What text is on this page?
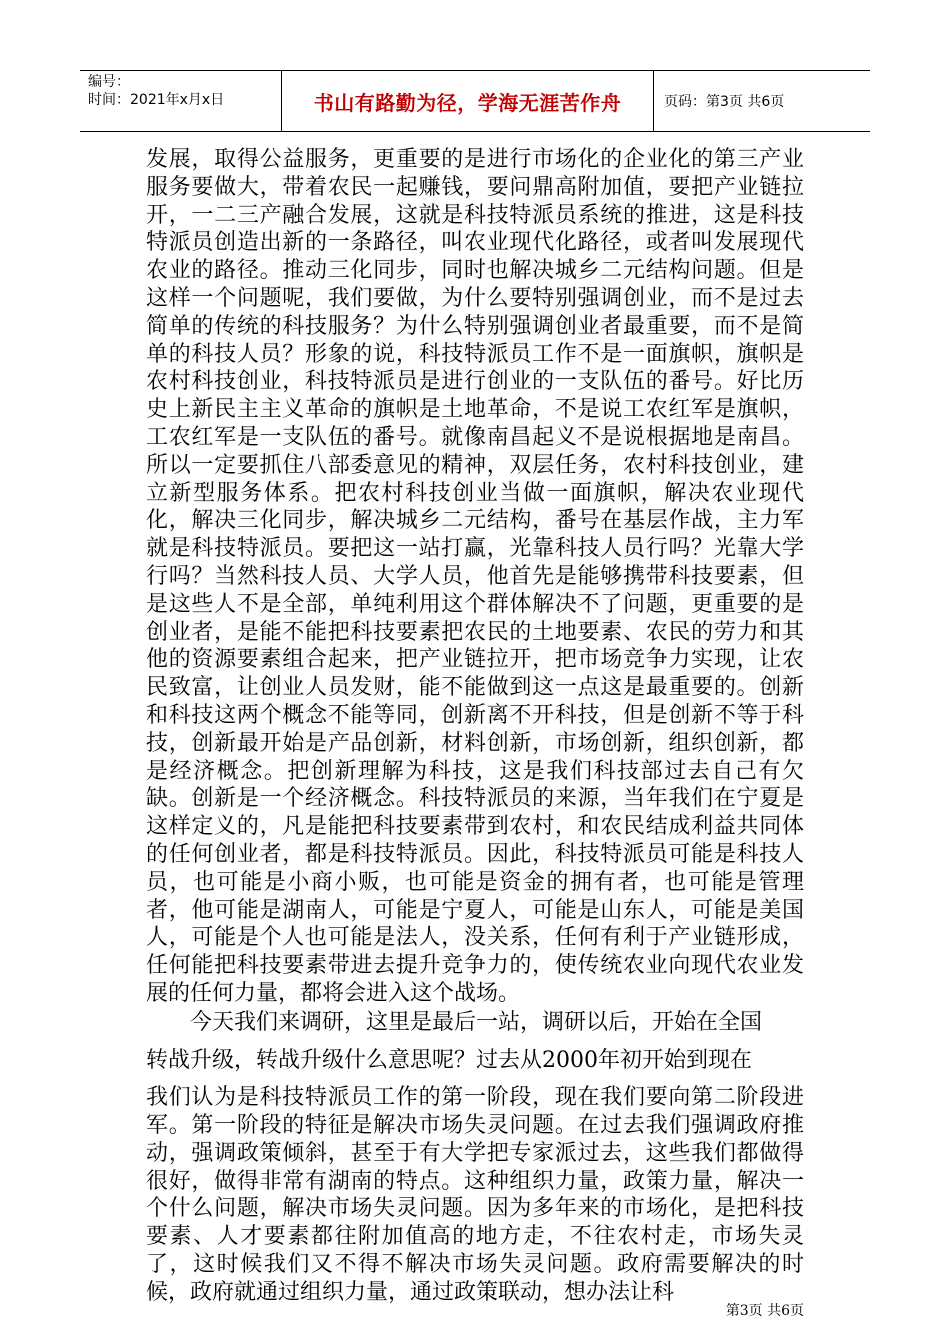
编号：
时间：2021年x月x日	书山有路勤为径，学海无涯苦作舟	页码：第3页 共6页

发展，取得公益服务，更重要的是进行市场化的企业化的第三产业服务要做大，带着农民一起赚钱，要问鼎高附加值，要把产业链拉开，一二三产融合发展，这就是科技特派员系统的推进，这是科技特派员创造出新的一条路径，叫农业现代化路径，或者叫发展现代农业的路径。推动三化同步，同时也解决城乡二元结构问题。但是这样一个问题呢，我们要做，为什么要特别强调创业，而不是过去简单的传统的科技服务？为什么特别强调创业者最重要，而不是简单的科技人员？形象的说，科技特派员工作不是一面旗帜，旗帜是农村科技创业，科技特派员是进行创业的一支队伍的番号。好比历史上新民主主义革命的旗帜是土地革命，不是说工农红军是旗帜，工农红军是一支队伍的番号。就像南昌起义不是说根据地是南昌。所以一定要抓住八部委意见的精神，双层任务，农村科技创业，建立新型服务体系。把农村科技创业当做一面旗帜，解决农业现代化，解决三化同步，解决城乡二元结构，番号在基层作战，主力军就是科技特派员。要把这一站打赢，光靠科技人员行吗？光靠大学行吗？当然科技人员、大学人员，他首先是能够携带科技要素，但是这些人不是全部，单纯利用这个群体解决不了问题，更重要的是创业者，是能不能把科技要素把农民的土地要素、农民的劳力和其他的资源要素组合起来，把产业链拉开，把市场竞争力实现，让农民致富，让创业人员发财，能不能做到这一点这是最重要的。创新和科技这两个概念不能等同，创新离不开科技，但是创新不等于科技，创新最开始是产品创新，材料创新，市场创新，组织创新，都是经济概念。把创新理解为科技，这是我们科技部过去自己有欠缺。创新是一个经济概念。科技特派员的来源，当年我们在宁夏是这样定义的，凡是能把科技要素带到农村，和农民结成利益共同体的任何创业者，都是科技特派员。因此，科技特派员可能是科技人员，也可能是小商小贩，也可能是资金的拥有者，也可能是管理者，他可能是湖南人，可能是宁夏人，可能是山东人，可能是美国人，可能是个人也可能是法人，没关系，任何有利于产业链形成，任何能把科技要素带进去提升竞争力的，使传统农业向现代农业发展的任何力量，都将会进入这个战场。

今天我们来调研，这里是最后一站，调研以后，开始在全国

转战升级，转战升级什么意思呢？过去从2000年初开始到现在

我们认为是科技特派员工作的第一阶段，现在我们要向第二阶段进军。第一阶段的特征是解决市场失灵问题。在过去我们强调政府推动，强调政策倾斜，甚至于有大学把专家派过去，这些我们都做得很好，做得非常有湖南的特点。这种组织力量，政策力量，解决一个什么问题，解决市场失灵问题。因为多年来的市场化，是把科技要素、人才要素都往附加值高的地方走，不往农村走，市场失灵了，这时候我们又不得不解决市场失灵问题。政府需要解决的时候，政府就通过组织力量，通过政策联动，想办法让科

第3页 共6页
